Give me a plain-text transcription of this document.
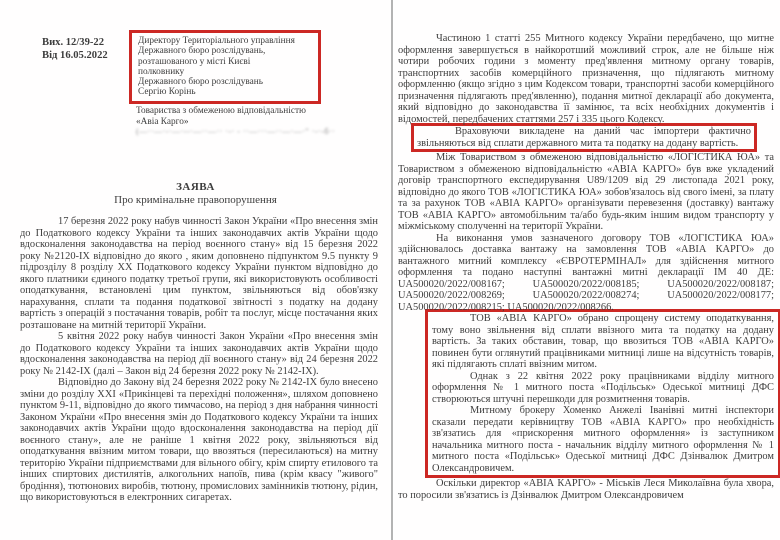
Вих. 12/39-22
Від 16.05.2022
Директору Територіального управління
Державного бюро розслідувань,
розташованого у місті Києві
полковнику
Державного бюро розслідувань
Сергію Корінь
Товариства з обмеженою відповідальністю
«Авіа Карго»
(—··—·-·—·--·—··—·· ·-· - ··—···—··—·—·" ·-·-б··
ЗАЯВА
Про кримінальне правопорушення

17 березня 2022 року набув чинності Закон України «Про внесення змін до Податкового кодексу України та інших законодавчих актів України щодо вдосконалення законодавства на період воєнного стану» від 15 березня 2022 року №2120-ІХ відповідно до якого , яким доповнено підпунктом 9.5 пункту 9 підрозділу 8 розділу ХХ Податкового кодексу України пунктом відповідно до якого платники єдиного податку третьої групи, які використовують особливості оподаткування, встановлені цим пунктом, звільняються від обов'язку нарахування, сплати та подання податкової звітності з податку на додану вартість з операцій з постачання товарів, робіт та послуг, місце постачання яких розташоване на митній території України.

5 квітня 2022 року набув чинності Закон України «Про внесення змін до Податкового кодексу України та інших законодавчих актів України щодо вдосконалення законодавства на період дії воєнного стану» від 24 березня 2022 року № 2142-ІХ (далі – Закон від 24 березня 2022 року № 2142-ІХ).

Відповідно до Закону від 24 березня 2022 року № 2142-ІХ було внесено зміни до розділу ХХІ «Прикінцеві та перехідні положення», шляхом доповнено пунктом 9-11, відповідно до якого тимчасово, на період з дня набрання чинності Законом України «Про внесення змін до Податкового кодексу України та інших законодавчих актів України щодо вдосконалення законодавства на період дії воєнного стану», але не раніше 1 квітня 2022 року, звільняються від оподаткування ввізним митом товари, що ввозяться (пересилаються) на митну територію України підприємствами для вільного обігу, крім спирту етилового та інших спиртових дистилятів, алкогольних напоїв, пива (крім квасу "живого" бродіння), тютюнових виробів, тютюну, промислових замінників тютюну, рідин, що використовуються в електронних сигаретах.

Частиною 1 статті 255 Митного кодексу України передбачено, що митне оформлення завершується в найкоротший можливий строк, але не більше ніж чотири робочих години з моменту пред'явлення митному органу товарів, транспортних засобів комерційного призначення, що підлягають митному оформленню (якщо згідно з цим Кодексом товари, транспортні засоби комерційного призначення підлягають пред'явленню), подання митної декларації або документа, який відповідно до законодавства її замінює, та всіх необхідних документів і відомостей, передбачених статтями 257 і 335 цього Кодексу.

Враховуючи викладене на даний час імпортери фактично звільняються від сплати державного мита та податку на додану вартість.

Між Товариством з обмеженою відповідальністю «ЛОГІСТИКА ЮА» та Товариством з обмеженою відповідальністю «АВІА КАРГО» був вже укладений договір транспортного експедирування U89/1209 від 29 листопада 2021 року, відповідно до якого ТОВ «ЛОГІСТИКА ЮА» зобов'язалось від свого імені, за плату та за рахунок ТОВ «АВІА КАРГО» організувати перевезення (доставку) вантажу ТОВ «АВІА КАРГО» автомобільним та/або будь-яким іншим видом транспорту у міжміському сполученні на території України.

На виконання умов зазначеного договору ТОВ «ЛОГІСТИКА ЮА» здійснювалось доставка вантажу на замовлення ТОВ «АВІА КАРГО» до вантажного митний комплексу «ЄВРОТЕРМІНАЛ» для здійснення митного оформлення та подано наступні вантажні митні декларації ІМ 40 ДЕ: UA500020/2022/008167; UA500020/2022/008185; UA500020/2022/008187; UA500020/2022/008269; UA500020/2022/008274; UA500020/2022/008177; UA500020/2022/008215; UA500020/2022/008266.

ТОВ «АВІА КАРГО» обрано спрощену систему оподаткування, тому воно звільнення від сплати ввізного мита та податку на додану вартість. За таких обставин, товар, що ввозиться ТОВ «АВІА КАРГО» повинен бути оглянутий працівниками митниці лише на відсутність товарів, які підлягають сплаті ввізним митом.

Однак з 22 квітня 2022 року працівниками відділу митного оформлення № 1 митного поста «Подільськ» Одеської митниці ДФС створюються штучні перешкоди для розмитнення товарів.

Митному брокеру Хоменко Анжелі Іванівні митні інспектори сказали передати керівництву ТОВ «АВІА КАРГО» про необхідність зв'язатись для «прискорення митного оформлення» із заступником начальника митного поста - начальник відділу митного оформлення № 1 митного поста «Подільськ» Одеської митниці ДФС Дзінвалюк Дмитром Олександровичем.

Оскільки директор «АВІА КАРГО» - Міськів Леся Миколаївна була хвора, то поросили зв'язатись із Дзінвалюк Дмитром Олександровичем
